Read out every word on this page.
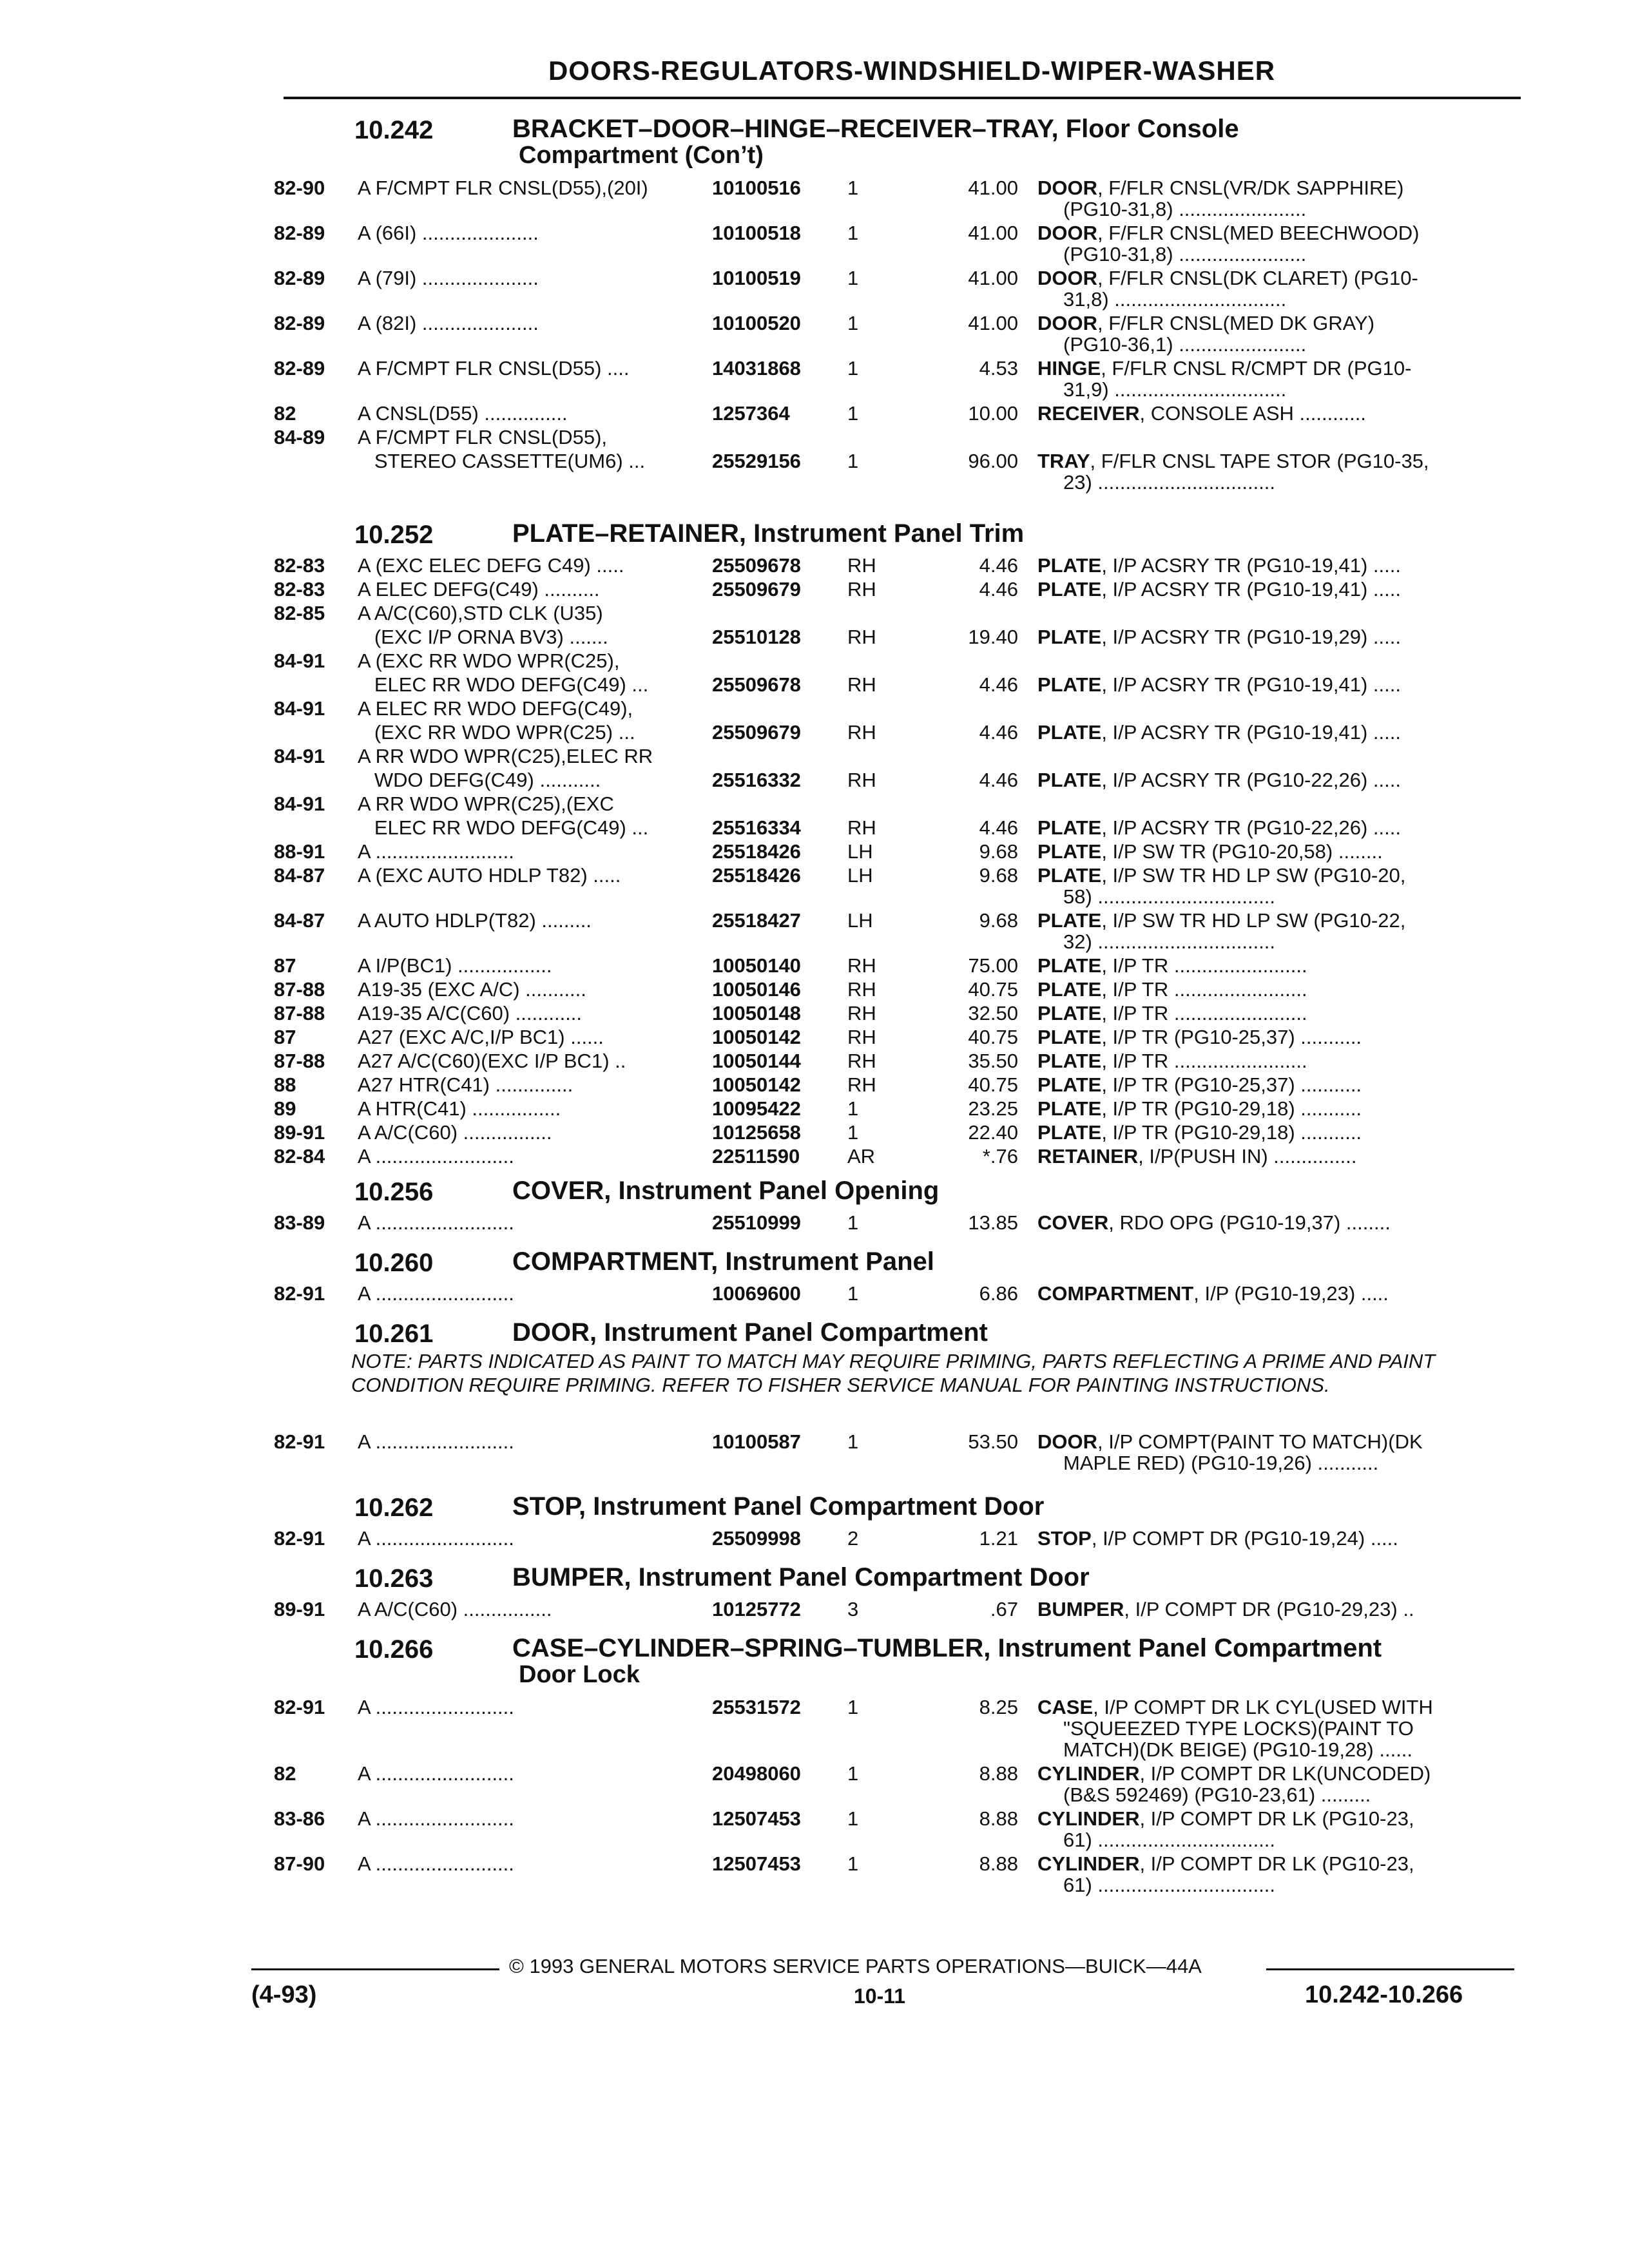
DOORS-REGULATORS-WINDSHIELD-WIPER-WASHER
10.242	BRACKET–DOOR–HINGE–RECEIVER–TRAY, Floor Console
Compartment (Con’t)
82-90 A F/CMPT FLR CNSL(D55),(20I)	10100516 1	41.00 DOOR, F/FLR CNSL(VR/DK SAPPHIRE)
(PG10-31,8) .......................
82-89 A (66I) .....................	10100518 1	41.00 DOOR, F/FLR CNSL(MED BEECHWOOD)
(PG10-31,8) .......................
82-89 A (79I) .....................	10100519 1	41.00 DOOR, F/FLR CNSL(DK CLARET) (PG10-
31,8) ...............................
82-89 A (82I) .....................	10100520 1	41.00 DOOR, F/FLR CNSL(MED DK GRAY)
(PG10-36,1) .......................
82-89 A F/CMPT FLR CNSL(D55) ....	14031868 1	4.53 HINGE, F/FLR CNSL R/CMPT DR (PG10-
31,9) ...............................
82	A CNSL(D55) ...............	1257364	1	10.00 RECEIVER, CONSOLE ASH ............
84-89 A F/CMPT FLR CNSL(D55),
STEREO CASSETTE(UM6) ...	25529156 1	96.00 TRAY, F/FLR CNSL TAPE STOR (PG10-35,
23) ................................
10.252	PLATE–RETAINER, Instrument Panel Trim
82-83 A (EXC ELEC DEFG C49) .....	25509678 RH	4.46 PLATE, I/P ACSRY TR (PG10-19,41) .....
82-83 A ELEC DEFG(C49) ..........	25509679 RH	4.46 PLATE, I/P ACSRY TR (PG10-19,41) .....
82-85 A A/C(C60),STD CLK (U35)
(EXC I/P ORNA BV3) .......	25510128 RH	19.40 PLATE, I/P ACSRY TR (PG10-19,29) .....
84-91 A (EXC RR WDO WPR(C25),
ELEC RR WDO DEFG(C49) ...	25509678 RH	4.46 PLATE, I/P ACSRY TR (PG10-19,41) .....
84-91 A ELEC RR WDO DEFG(C49),
(EXC RR WDO WPR(C25) ...	25509679 RH	4.46 PLATE, I/P ACSRY TR (PG10-19,41) .....
84-91 A RR WDO WPR(C25),ELEC RR
WDO DEFG(C49) ...........	25516332 RH	4.46 PLATE, I/P ACSRY TR (PG10-22,26) .....
84-91 A RR WDO WPR(C25),(EXC
ELEC RR WDO DEFG(C49) ...	25516334 RH	4.46 PLATE, I/P ACSRY TR (PG10-22,26) .....
88-91 A .........................	25518426 LH	9.68 PLATE, I/P SW TR (PG10-20,58) ........
84-87 A (EXC AUTO HDLP T82) .....	25518426 LH	9.68 PLATE, I/P SW TR HD LP SW (PG10-20,
58) ................................
84-87 A AUTO HDLP(T82) .........	25518427 LH	9.68 PLATE, I/P SW TR HD LP SW (PG10-22,
32) ................................
87	A I/P(BC1) .................	10050140 RH	75.00 PLATE, I/P TR ........................
87-88 A19-35 (EXC A/C) ...........	10050146 RH	40.75 PLATE, I/P TR ........................
87-88 A19-35 A/C(C60) ............	10050148 RH	32.50 PLATE, I/P TR ........................
87	A27 (EXC A/C,I/P BC1) ......	10050142 RH	40.75 PLATE, I/P TR (PG10-25,37) ...........
87-88 A27 A/C(C60)(EXC I/P BC1) ..	10050144 RH	35.50 PLATE, I/P TR ........................
88	A27 HTR(C41) ..............	10050142 RH	40.75 PLATE, I/P TR (PG10-25,37) ...........
89	A HTR(C41) ................	10095422 1	23.25 PLATE, I/P TR (PG10-29,18) ...........
89-91 A A/C(C60) ................	10125658 1	22.40 PLATE, I/P TR (PG10-29,18) ...........
82-84 A .........................	22511590 AR	*.76 RETAINER, I/P(PUSH IN) ...............
10.256	COVER, Instrument Panel Opening
83-89 A .........................	25510999 1	13.85 COVER, RDO OPG (PG10-19,37) ........
10.260	COMPARTMENT, Instrument Panel
82-91 A .........................	10069600 1	6.86 COMPARTMENT, I/P (PG10-19,23) .....
10.261	DOOR, Instrument Panel Compartment
NOTE: PARTS INDICATED AS PAINT TO MATCH MAY REQUIRE PRIMING, PARTS REFLECTING A PRIME AND PAINT CONDITION REQUIRE PRIMING. REFER TO FISHER SERVICE MANUAL FOR PAINTING INSTRUCTIONS.
82-91 A .........................	10100587 1	53.50 DOOR, I/P COMPT(PAINT TO MATCH)(DK
MAPLE RED) (PG10-19,26) ...........
10.262	STOP, Instrument Panel Compartment Door
82-91 A .........................	25509998 2	1.21 STOP, I/P COMPT DR (PG10-19,24) .....
10.263	BUMPER, Instrument Panel Compartment Door
89-91 A A/C(C60) ................	10125772 3	.67 BUMPER, I/P COMPT DR (PG10-29,23) ..
10.266	CASE–CYLINDER–SPRING–TUMBLER, Instrument Panel Compartment
Door Lock
82-91 A .........................	25531572 1	8.25 CASE, I/P COMPT DR LK CYL(USED WITH
"SQUEEZED TYPE LOCKS)(PAINT TO
MATCH)(DK BEIGE) (PG10-19,28) ......
82	A .........................	20498060 1	8.88 CYLINDER, I/P COMPT DR LK(UNCODED)
(B&S 592469) (PG10-23,61) .........
83-86 A .........................	12507453 1	8.88 CYLINDER, I/P COMPT DR LK (PG10-23,
61) ................................
87-90 A .........................	12507453 1	8.88 CYLINDER, I/P COMPT DR LK (PG10-23,
61) ................................
© 1993 GENERAL MOTORS SERVICE PARTS OPERATIONS—BUICK—44A
(4-93)	10-11	10.242-10.266
